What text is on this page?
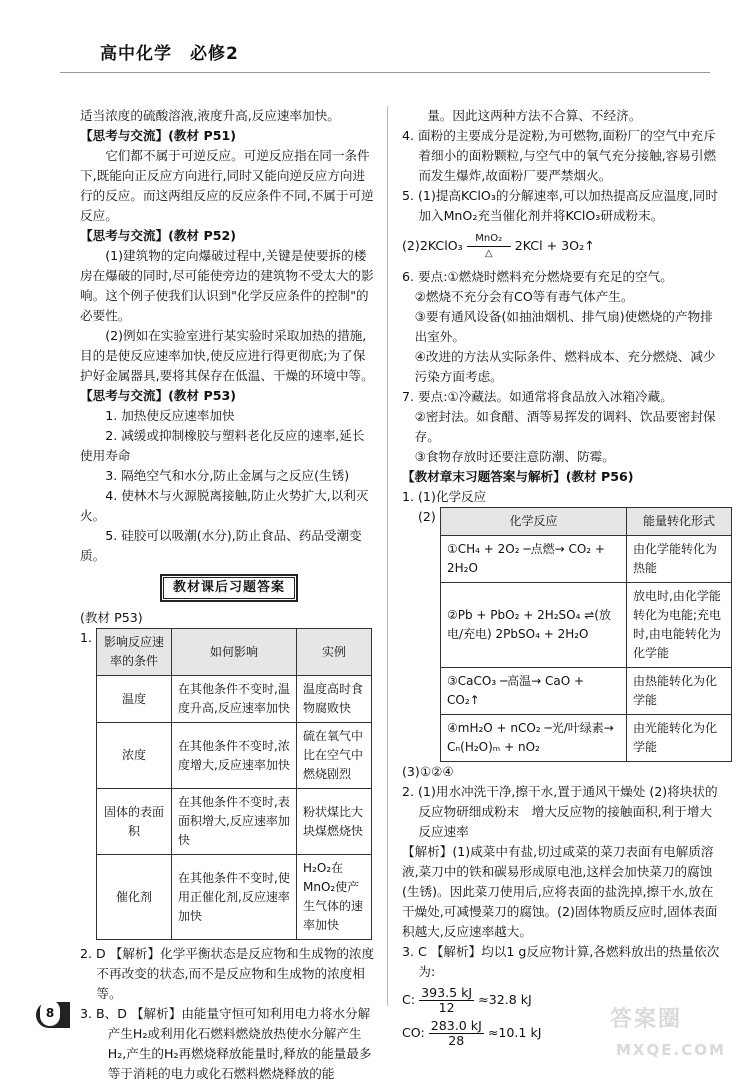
高中化学　必修2

适当浓度的硫酸溶液,液度升高,反应速率加快。

【思考与交流】(教材 P51)

它们都不属于可逆反应。可逆反应指在同一条件下,既能向正反应方向进行,同时又能向逆反应方向进行的反应。而这两组反应的反应条件不同,不属于可逆反应。

【思考与交流】(教材 P52)

(1)建筑物的定向爆破过程中,关键是使要拆的楼房在爆破的同时,尽可能使旁边的建筑物不受太大的影响。这个例子使我们认识到"化学反应条件的控制"的必要性。

(2)例如在实验室进行某实验时采取加热的措施,目的是使反应速率加快,使反应进行得更彻底;为了保护好金属器具,要将其保存在低温、干燥的环境中等。

【思考与交流】(教材 P53)

1. 加热使反应速率加快

2. 减缓或抑制橡胶与塑料老化反应的速率,延长使用寿命

3. 隔绝空气和水分,防止金属与之反应(生锈)

4. 使林木与火源脱离接触,防止火势扩大,以利灭火。

5. 硅胶可以吸潮(水分),防止食品、药品受潮变质。

教材课后习题答案

(教材 P53)

1. 影响反应速率的条件	如何影响	实例
温度	在其他条件不变时,温度升高,反应速率加快	温度高时食物腐败快
浓度	在其他条件不变时,浓度增大,反应速率加快	硫在氧气中比在空气中燃烧剧烈
固体的表面积	在其他条件不变时,表面积增大,反应速率加快	粉状煤比大块煤燃烧快
催化剂	在其他条件不变时,使用正催化剂,反应速率加快	H₂O₂在MnO₂使产生气体的速率加快

2. D 【解析】化学平衡状态是反应物和生成物的浓度不再改变的状态,而不是反应物和生成物的浓度相等。

3. B、D 【解析】由能量守恒可知利用电力将水分解产生H₂或利用化石燃料燃烧放热使水分解产生H₂,产生的H₂再燃烧释放能量时,释放的能量最多等于消耗的电力或化石燃料燃烧释放的能

量。因此这两种方法不合算、不经济。

4. 面粉的主要成分是淀粉,为可燃物,面粉厂的空气中充斥着细小的面粉颗粒,与空气中的氧气充分接触,容易引燃而发生爆炸,故面粉厂要严禁烟火。

5. (1)提高KClO₃的分解速率,可以加热提高反应温度,同时加入MnO₂充当催化剂并将KClO₃研成粉末。

(2)2KClO₃ $\frac{\text{MnO₂}}{\triangle} 2KCl$ + 3O₂↑

6. 要点:①燃烧时燃料充分燃烧要有充足的空气。

②燃烧不充分会有CO等有毒气体产生。

③要有通风设备(如抽油烟机、排气扇)使燃烧的产物排出室外。

④改进的方法从实际条件、燃料成本、充分燃烧、减少污染方面考虑。

7. 要点:①冷藏法。如通常将食品放入冰箱冷藏。

②密封法。如食醋、酒等易挥发的调料、饮品要密封保存。

③食物存放时还要注意防潮、防霉。

【教材章末习题答案与解析】(教材 P56)

1. (1)化学反应

(2)	化学反应	能量转化形式
①CH₄ + 2O₂ ─点燃→ CO₂ + 2H₂O	由化学能转化为热能
②Pb + PbO₂ + 2H₂SO₄ ⇌(放电/充电) 2PbSO₄ + 2H₂O	放电时,由化学能转化为电能;充电时,由电能转化为化学能
③CaCO₃ ─高温→ CaO + CO₂↑	由热能转化为化学能
④mH₂O + nCO₂ ─光/叶绿素→ Cₙ(H₂O)ₘ + nO₂	由光能转化为化学能

(3)①②④

2. (1)用水冲洗干净,擦干水,置于通风干燥处 (2)将块状的反应物研细成粉末　增大反应物的接触面积,利于增大反应速率

【解析】(1)咸菜中有盐,切过咸菜的菜刀表面有电解质溶液,菜刀中的铁和碳易形成原电池,这样会加快菜刀的腐蚀(生锈)。因此菜刀使用后,应将表面的盐洗掉,擦干水,放在干燥处,可减慢菜刀的腐蚀。(2)固体物质反应时,固体表面积越大,反应速率越大。

3. C 【解析】均以1 g反应物计算,各燃料放出的热量依次为:

C: $\frac{393.5 kJ}{12} \approx 32.8$ kJ

CO: $\frac{283.0 kJ}{28} \approx 10.1$ kJ

8	答案圈
MXQE.COM
